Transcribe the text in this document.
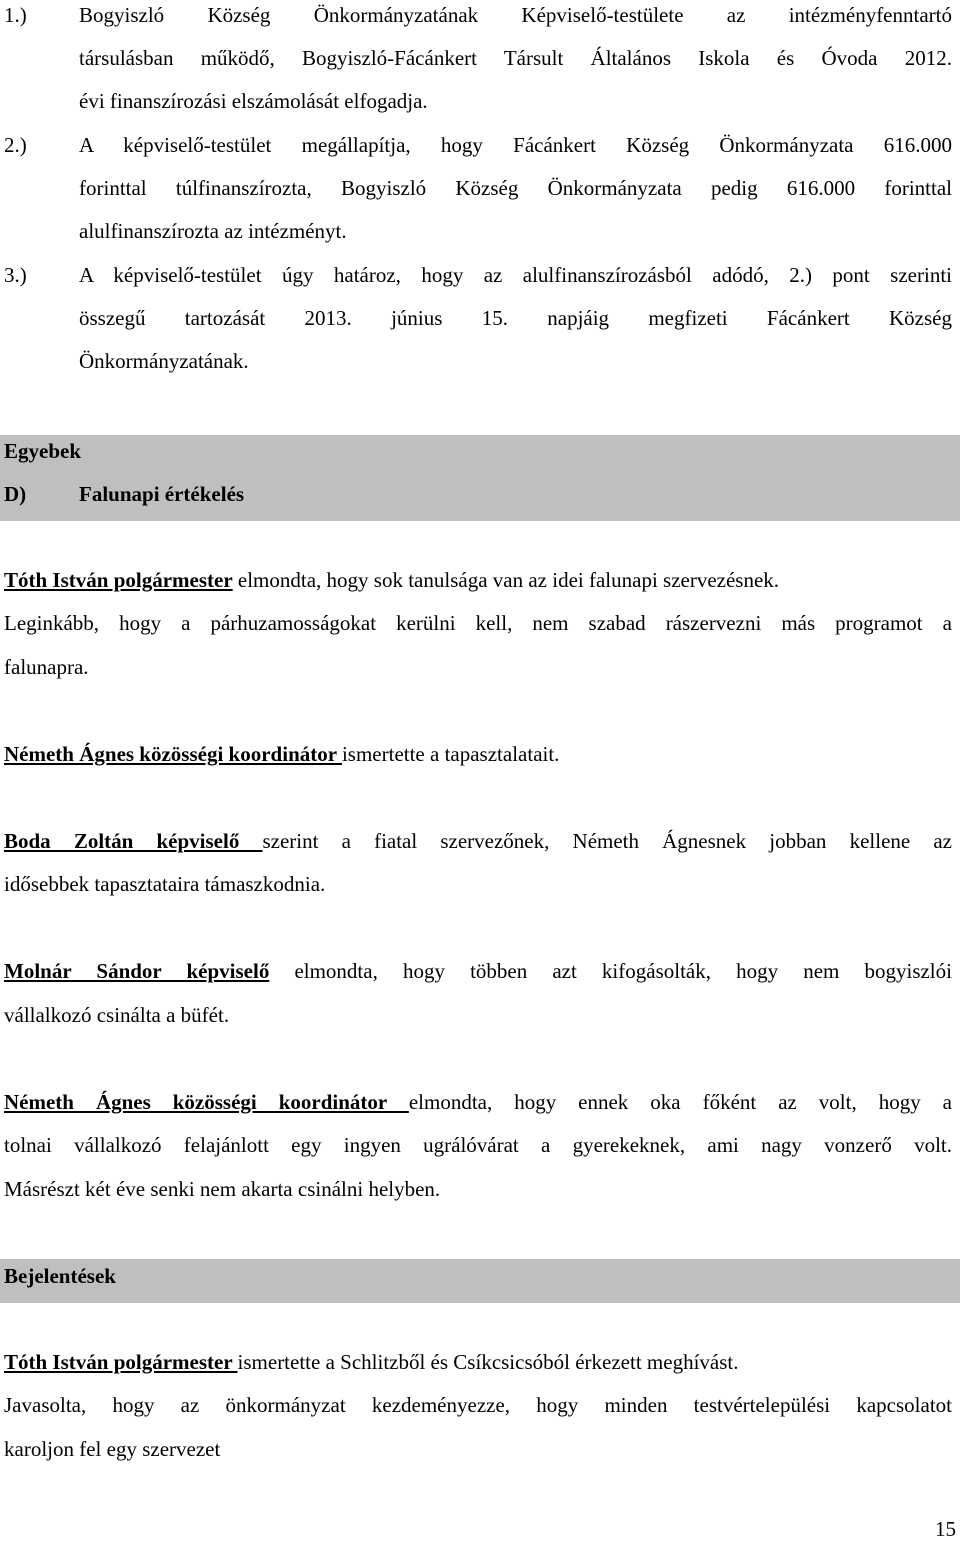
1.) Bogyiszló Község Önkormányzatának Képviselő-testülete az intézményfenntartó
társulásban működő, Bogyiszló-Fácánkert Társult Általános Iskola és Óvoda 2012.
évi finanszírozási elszámolását elfogadja.
2.) A képviselő-testület megállapítja, hogy Fácánkert Község Önkormányzata 616.000
forinttal túlfinanszírozta, Bogyiszló Község Önkormányzata pedig 616.000 forinttal
alulfinanszírozta az intézményt.
3.) A képviselő-testület úgy határoz, hogy az alulfinanszírozásból adódó, 2.) pont szerinti
összegű tartozását 2013. június 15. napjáig megfizeti Fácánkert Község
Önkormányzatának.
Egyebek
D)	Falunapi értékelés
Tóth István polgármester elmondta, hogy sok tanulsága van az idei falunapi szervezésnek.
Leginkább, hogy a párhuzamosságokat kerülni kell, nem szabad rászervezni más programot a
falunapra.
Németh Ágnes közösségi koordinátor ismertette a tapasztalatait.
Boda Zoltán képviselő szerint a fiatal szervezőnek, Németh Ágnesnek jobban kellene az
idősebbek tapasztataira támaszkodnia.
Molnár Sándor képviselő elmondta, hogy többen azt kifogásolták, hogy nem bogyiszlói
vállalkozó csinálta a büfét.
Németh Ágnes közösségi koordinátor elmondta, hogy ennek oka főként az volt, hogy a
tolnai vállalkozó felajánlott egy ingyen ugrálóvárat a gyerekeknek, ami nagy vonzerő volt.
Másrészt két éve senki nem akarta csinálni helyben.
Bejelentések
Tóth István polgármester ismertette a Schlitzből és Csíkcsicsóból érkezett meghívást.
Javasolta, hogy az önkormányzat kezdeményezze, hogy minden testvértelepülési kapcsolatot
karoljon fel egy szervezet
15
